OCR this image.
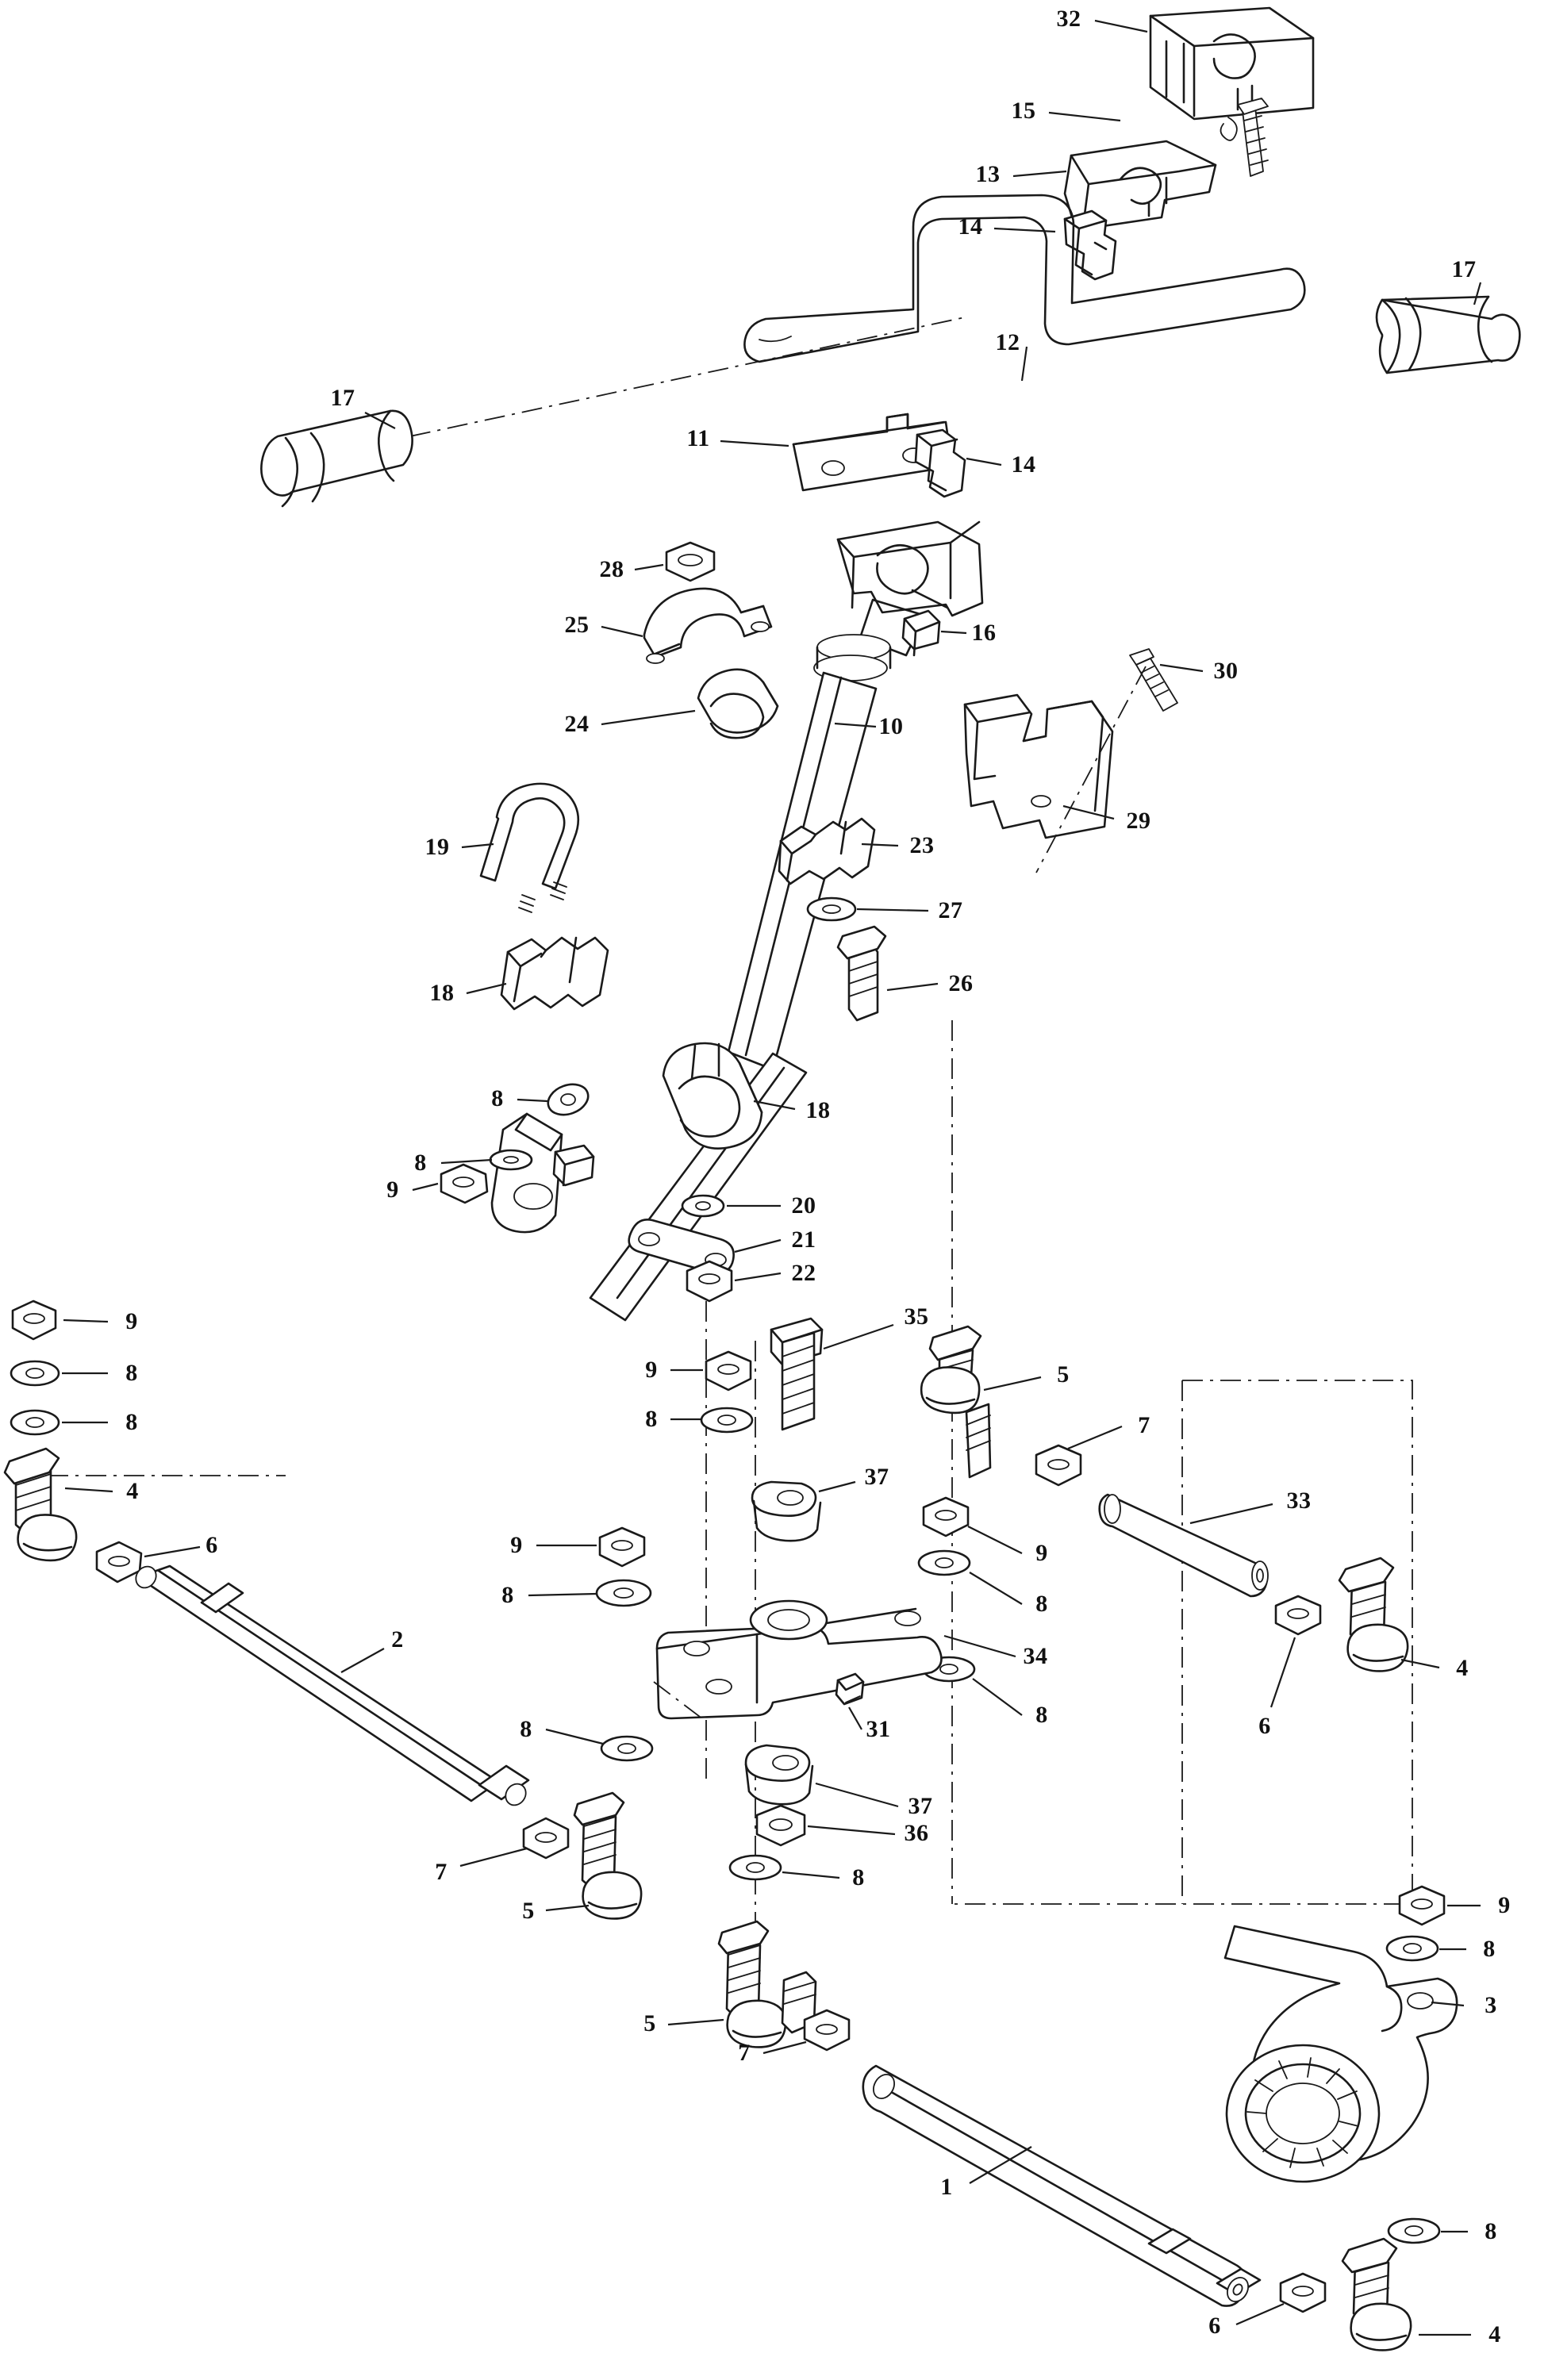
32
15
13
14
17
12
17
11
14
28
25	16
30
24	10
29
19	23
27
18	26
8	18
8
9
20
21
22
35
9
8	9	5
8	8	7
4
37
33
6	9	9
8	8
2
34	4
8	31
8	6
37
7	8
36
5	9
8
3
5
7
1
8
6	4
